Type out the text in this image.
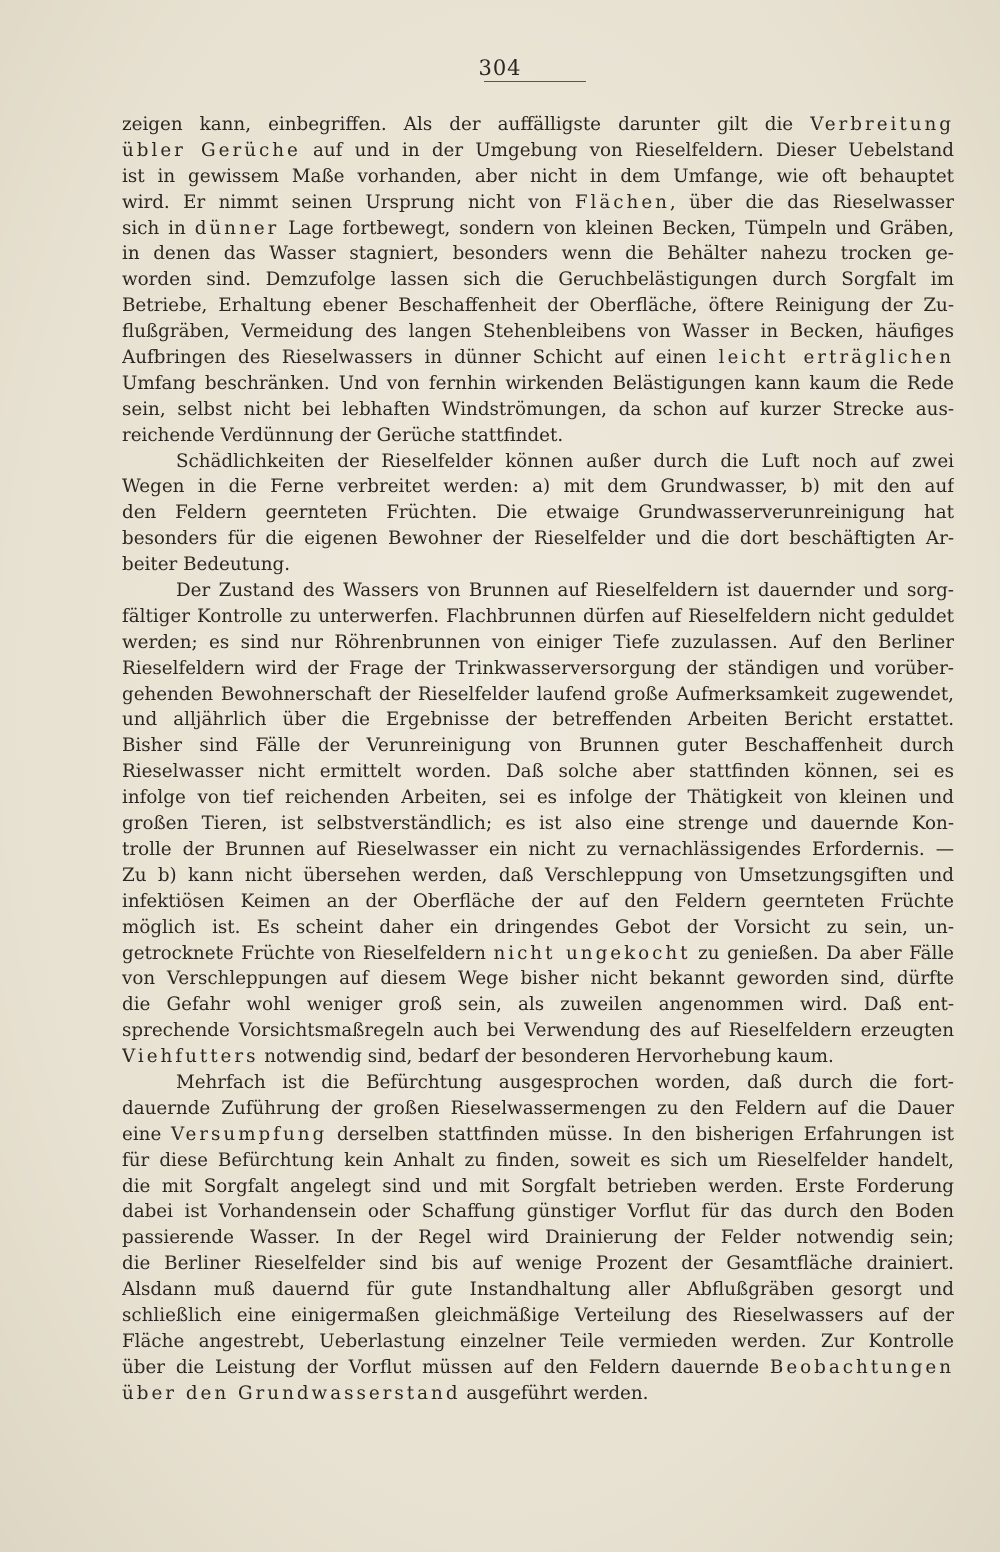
304
zeigen kann, einbegriffen. Als der auffälligste darunter gilt die Verbreitung
übler Gerüche auf und in der Umgebung von Rieselfeldern. Dieser Uebelstand
ist in gewissem Maße vorhanden, aber nicht in dem Umfange, wie oft behauptet
wird. Er nimmt seinen Ursprung nicht von Flächen, über die das Rieselwasser
sich in dünner Lage fortbewegt, sondern von kleinen Becken, Tümpeln und Gräben,
in denen das Wasser stagniert, besonders wenn die Behälter nahezu trocken ge-
worden sind. Demzufolge lassen sich die Geruchbelästigungen durch Sorgfalt im
Betriebe, Erhaltung ebener Beschaffenheit der Oberfläche, öftere Reinigung der Zu-
flußgräben, Vermeidung des langen Stehenbleibens von Wasser in Becken, häufiges
Aufbringen des Rieselwassers in dünner Schicht auf einen leicht erträglichen
Umfang beschränken. Und von fernhin wirkenden Belästigungen kann kaum die Rede
sein, selbst nicht bei lebhaften Windströmungen, da schon auf kurzer Strecke aus-
reichende Verdünnung der Gerüche stattfindet.
Schädlichkeiten der Rieselfelder können außer durch die Luft noch auf zwei
Wegen in die Ferne verbreitet werden: a) mit dem Grundwasser, b) mit den auf
den Feldern geernteten Früchten. Die etwaige Grundwasserverunreinigung hat
besonders für die eigenen Bewohner der Rieselfelder und die dort beschäftigten Ar-
beiter Bedeutung.
Der Zustand des Wassers von Brunnen auf Rieselfeldern ist dauernder und sorg-
fältiger Kontrolle zu unterwerfen. Flachbrunnen dürfen auf Rieselfeldern nicht geduldet
werden; es sind nur Röhrenbrunnen von einiger Tiefe zuzulassen. Auf den Berliner
Rieselfeldern wird der Frage der Trinkwasserversorgung der ständigen und vorüber-
gehenden Bewohnerschaft der Rieselfelder laufend große Aufmerksamkeit zugewendet,
und alljährlich über die Ergebnisse der betreffenden Arbeiten Bericht erstattet.
Bisher sind Fälle der Verunreinigung von Brunnen guter Beschaffenheit durch
Rieselwasser nicht ermittelt worden. Daß solche aber stattfinden können, sei es
infolge von tief reichenden Arbeiten, sei es infolge der Thätigkeit von kleinen und
großen Tieren, ist selbstverständlich; es ist also eine strenge und dauernde Kon-
trolle der Brunnen auf Rieselwasser ein nicht zu vernachlässigendes Erfordernis. —
Zu b) kann nicht übersehen werden, daß Verschleppung von Umsetzungsgiften und
infektiösen Keimen an der Oberfläche der auf den Feldern geernteten Früchte
möglich ist. Es scheint daher ein dringendes Gebot der Vorsicht zu sein, un-
getrocknete Früchte von Rieselfeldern nicht ungekocht zu genießen. Da aber Fälle
von Verschleppungen auf diesem Wege bisher nicht bekannt geworden sind, dürfte
die Gefahr wohl weniger groß sein, als zuweilen angenommen wird. Daß ent-
sprechende Vorsichtsmaßregeln auch bei Verwendung des auf Rieselfeldern erzeugten
Viehfutters notwendig sind, bedarf der besonderen Hervorhebung kaum.
Mehrfach ist die Befürchtung ausgesprochen worden, daß durch die fort-
dauernde Zuführung der großen Rieselwassermengen zu den Feldern auf die Dauer
eine Versumpfung derselben stattfinden müsse. In den bisherigen Erfahrungen ist
für diese Befürchtung kein Anhalt zu finden, soweit es sich um Rieselfelder handelt,
die mit Sorgfalt angelegt sind und mit Sorgfalt betrieben werden. Erste Forderung
dabei ist Vorhandensein oder Schaffung günstiger Vorflut für das durch den Boden
passierende Wasser. In der Regel wird Drainierung der Felder notwendig sein;
die Berliner Rieselfelder sind bis auf wenige Prozent der Gesamtfläche drainiert.
Alsdann muß dauernd für gute Instandhaltung aller Abflußgräben gesorgt und
schließlich eine einigermaßen gleichmäßige Verteilung des Rieselwassers auf der
Fläche angestrebt, Ueberlastung einzelner Teile vermieden werden. Zur Kontrolle
über die Leistung der Vorflut müssen auf den Feldern dauernde Beobachtungen
über den Grundwasserstand ausgeführt werden.
